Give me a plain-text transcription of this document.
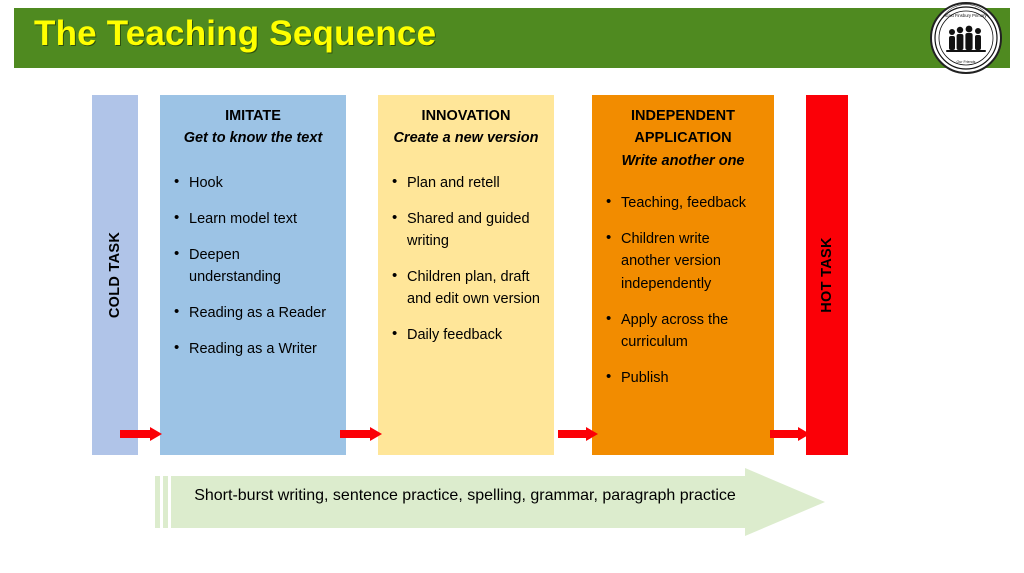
The Teaching Sequence	East Finsbury Primary
Our Friends
COLD TASK
IMITATE
Get to know the text
• Hook
• Learn model text
• Deepen understanding
• Reading as a Reader
• Reading as a Writer
INNOVATION
Create a new version
• Plan and retell
• Shared and guided writing
• Children plan, draft and edit own version
• Daily feedback
INDEPENDENT APPLICATION
Write another one
• Teaching, feedback
• Children write another version independently
• Apply across the curriculum
• Publish
HOT TASK
Short-burst writing, sentence practice, spelling, grammar, paragraph practice
